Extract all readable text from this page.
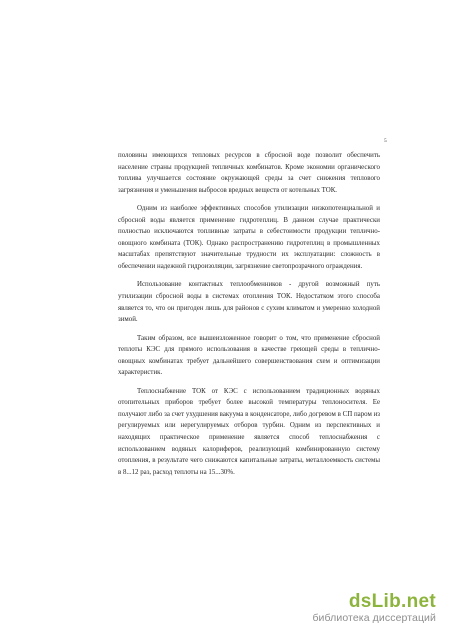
5

половины имеющихся тепловых ресурсов в сбросной воде позволит обеспечить население страны продукцией тепличных комбинатов. Кроме экономии органического топлива улучшается состояние окружающей среды за счет снижения теплового загрязнения и уменьшения выбросов вредных веществ от котельных ТОК.

Одним из наиболее эффективных способов утилизации низкопотенциальной и сбросной воды является применение гидротеплиц. В данном случае практически полностью исключаются топливные затраты в себестоимости продукции теплично-овощного комбината (ТОК). Однако распространению гидротеплиц в промышленных масштабах препятствуют значительные трудности их эксплуатации: сложность в обеспечении надежной гидроизоляции, загрязнение светопрозрачного ограждения.

Использование контактных теплообменников - другой возможный путь утилизации сбросной воды в системах отопления ТОК. Недостатком этого способа является то, что он пригоден лишь для районов с сухим климатом и умеренно холодной зимой.

Таким образом, все вышеизложенное говорит о том, что применение сбросной теплоты КЭС для прямого использования в качестве греющей среды в теплично-овощных комбинатах требует дальнейшего совершенствования схем и оптимизации характеристик.

Теплоснабжение ТОК от КЭС с использованием традиционных водяных отопительных приборов требует более высокой температуры теплоносителя. Ее получают либо за счет ухудшения вакуума в конденсаторе, либо догревом в СП паром из регулируемых или нерегулируемых отборов турбин. Одним из перспективных и находящих практическое применение является способ теплоснабжения с использованием водяных калориферов, реализующий комбинированную систему отопления, в результате чего снижаются капитальные затраты, металлоемкость системы в 8...12 раз, расход теплоты на 15...30%.

dsLib.net
библиотека диссертаций
